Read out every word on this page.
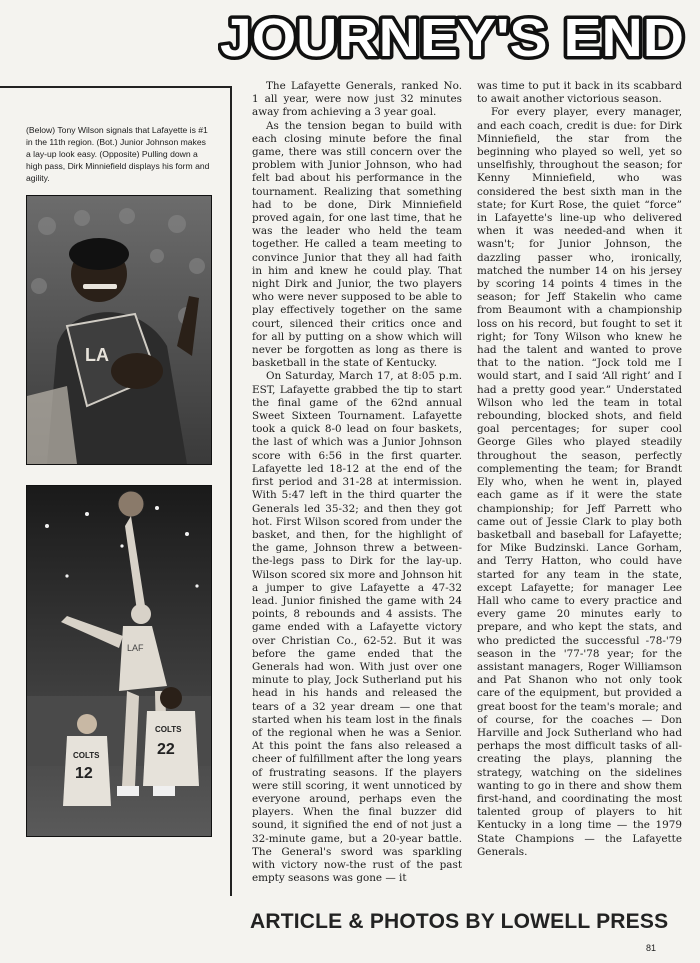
JOURNEY'S END

(Below) Tony Wilson signals that Lafayette is #1 in the 11th region. (Bot.) Junior Johnson makes a lay-up look easy. (Opposite) Pulling down a high pass, Dirk Minniefield displays his form and agility.

LA
LAF
COLTS
12
COLTS
22

The Lafayette Generals, ranked No. 1 all year, were now just 32 minutes away from achieving a 3 year goal.

As the tension began to build with each closing minute before the final game, there was still concern over the problem with Junior Johnson, who had felt bad about his performance in the tournament. Realizing that something had to be done, Dirk Minniefield proved again, for one last time, that he was the leader who held the team together. He called a team meeting to convince Junior that they all had faith in him and knew he could play. That night Dirk and Junior, the two players who were never supposed to be able to play effectively together on the same court, silenced their critics once and for all by putting on a show which will never be forgotten as long as there is basketball in the state of Kentucky.

On Saturday, March 17, at 8:05 p.m. EST, Lafayette grabbed the tip to start the final game of the 62nd annual Sweet Sixteen Tournament. Lafayette took a quick 8-0 lead on four baskets, the last of which was a Junior Johnson score with 6:56 in the first quarter. Lafayette led 18-12 at the end of the first period and 31-28 at intermission. With 5:47 left in the third quarter the Generals led 35-32; and then they got hot. First Wilson scored from under the basket, and then, for the highlight of the game, Johnson threw a between-the-legs pass to Dirk for the lay-up. Wilson scored six more and Johnson hit a jumper to give Lafayette a 47-32 lead. Junior finished the game with 24 points, 8 rebounds and 4 assists. The game ended with a Lafayette victory over Christian Co., 62-52. But it was before the game ended that the Generals had won. With just over one minute to play, Jock Sutherland put his head in his hands and released the tears of a 32 year dream — one that started when his team lost in the finals of the regional when he was a Senior. At this point the fans also released a cheer of fulfillment after the long years of frustrating seasons. If the players were still scoring, it went unnoticed by everyone around, perhaps even the players. When the final buzzer did sound, it signified the end of not just a 32-minute game, but a 20-year battle. The General's sword was sparkling with victory now-the rust of the past empty seasons was gone — it

was time to put it back in its scabbard to await another victorious season.

For every player, every manager, and each coach, credit is due: for Dirk Minniefield, the star from the beginning who played so well, yet so unselfishly, throughout the season; for Kenny Minniefield, who was considered the best sixth man in the state; for Kurt Rose, the quiet “force” in Lafayette's line-up who delivered when it was needed-and when it wasn't; for Junior Johnson, the dazzling passer who, ironically, matched the number 14 on his jersey by scoring 14 points 4 times in the season; for Jeff Stakelin who came from Beaumont with a championship loss on his record, but fought to set it right; for Tony Wilson who knew he had the talent and wanted to prove that to the nation. “Jock told me I would start, and I said ‘All right’ and I had a pretty good year.” Understated Wilson who led the team in total rebounding, blocked shots, and field goal percentages; for super cool George Giles who played steadily throughout the season, perfectly complementing the team; for Brandt Ely who, when he went in, played each game as if it were the state championship; for Jeff Parrett who came out of Jessie Clark to play both basketball and baseball for Lafayette; for Mike Budzinski. Lance Gorham, and Terry Hatton, who could have started for any team in the state, except Lafayette; for manager Lee Hall who came to every practice and every game 20 minutes early to prepare, and who kept the stats, and who predicted the successful -78-'79 season in the '77-'78 year; for the assistant managers, Roger Williamson and Pat Shanon who not only took care of the equipment, but provided a great boost for the team's morale; and of course, for the coaches — Don Harville and Jock Sutherland who had perhaps the most difficult tasks of all-creating the plays, planning the strategy, watching on the sidelines wanting to go in there and show them first-hand, and coordinating the most talented group of players to hit Kentucky in a long time — the 1979 State Champions — the Lafayette Generals.

ARTICLE & PHOTOS BY LOWELL PRESS

81
